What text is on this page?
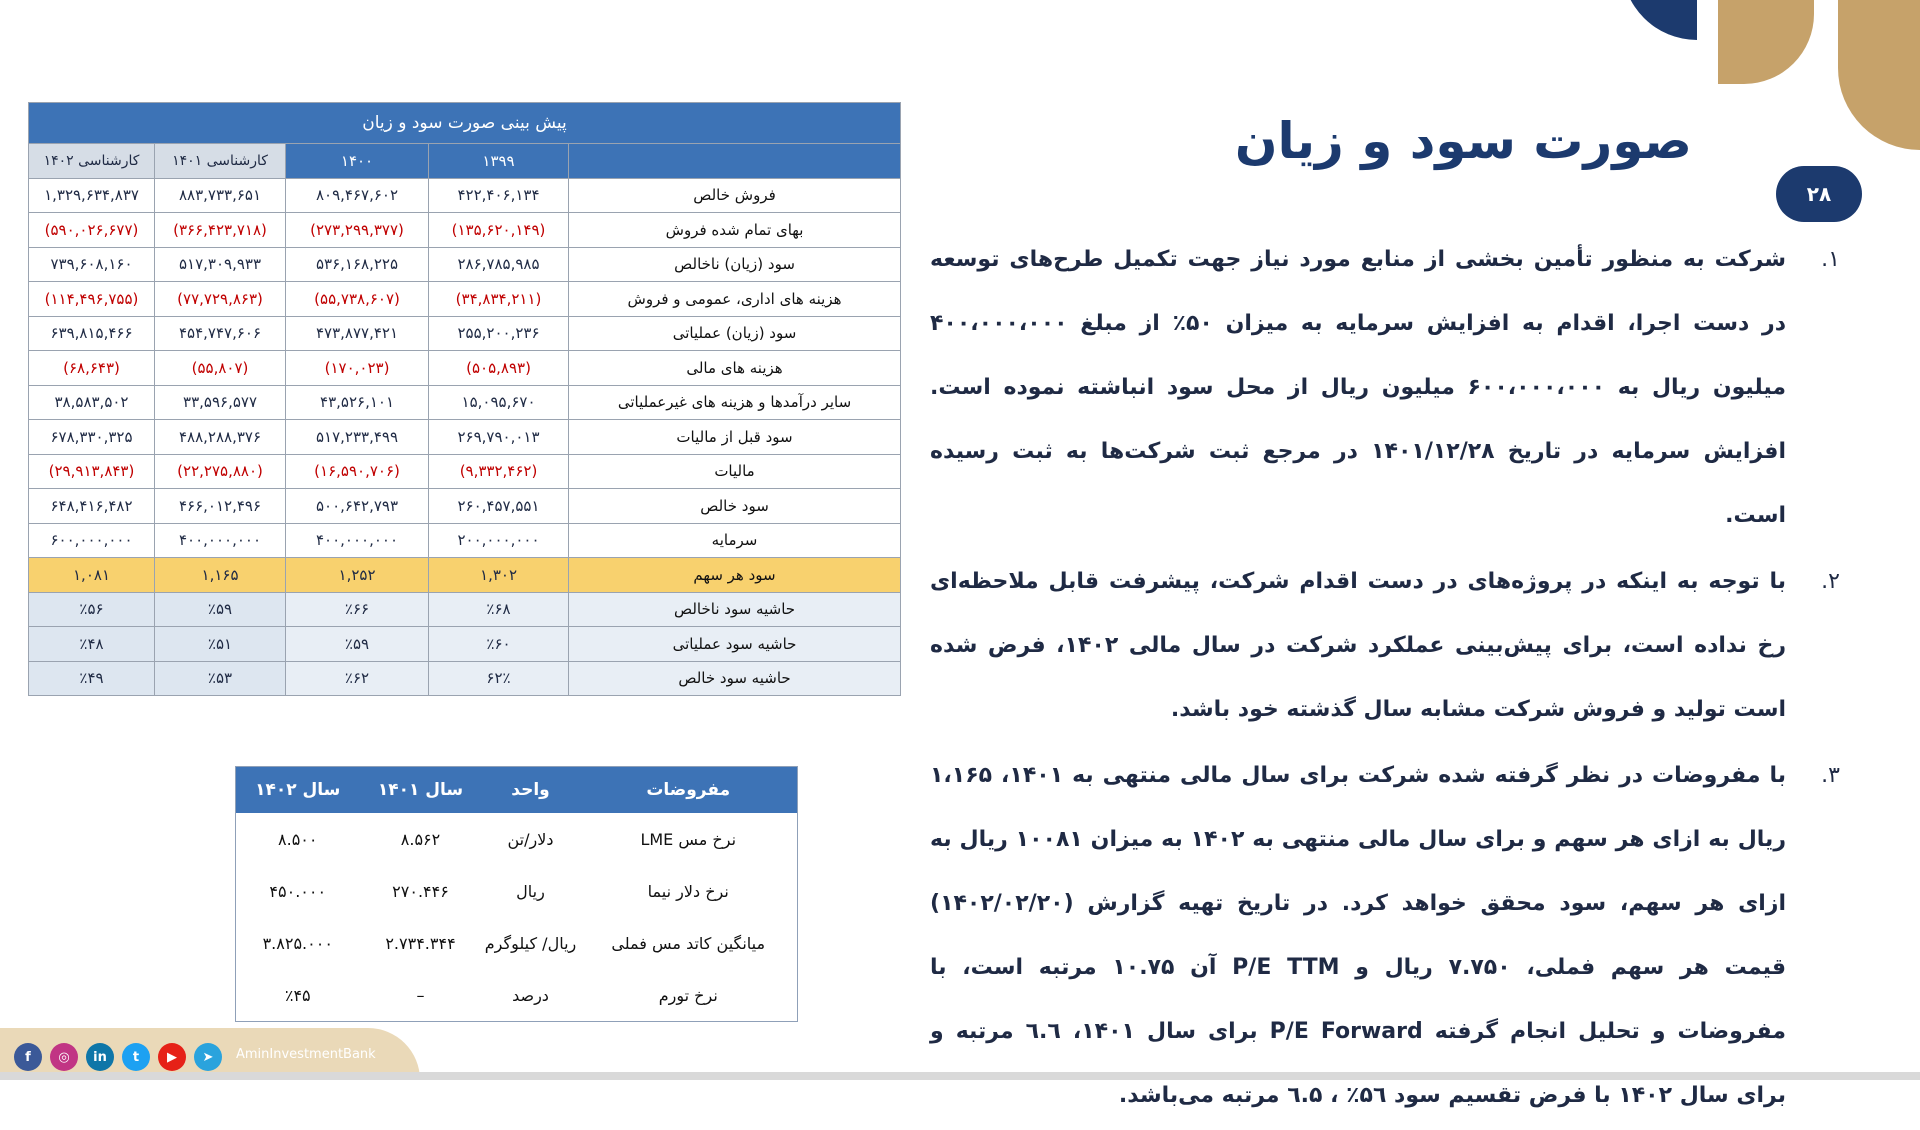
صورت سود و زیان
۲۸
پیش بینی صورت سود و زیان				
	۱۳۹۹	۱۴۰۰	کارشناسی ۱۴۰۱	کارشناسی ۱۴۰۲
فروش خالص	۴۲۲,۴۰۶,۱۳۴	۸۰۹,۴۶۷,۶۰۲	۸۸۳,۷۳۳,۶۵۱	۱,۳۲۹,۶۳۴,۸۳۷
بهای تمام شده فروش	(۱۳۵,۶۲۰,۱۴۹)	(۲۷۳,۲۹۹,۳۷۷)	(۳۶۶,۴۲۳,۷۱۸)	(۵۹۰,۰۲۶,۶۷۷)
سود (زیان) ناخالص	۲۸۶,۷۸۵,۹۸۵	۵۳۶,۱۶۸,۲۲۵	۵۱۷,۳۰۹,۹۳۳	۷۳۹,۶۰۸,۱۶۰
هزینه های اداری، عمومی و فروش	(۳۴,۸۳۴,۲۱۱)	(۵۵,۷۳۸,۶۰۷)	(۷۷,۷۲۹,۸۶۳)	(۱۱۴,۴۹۶,۷۵۵)
سود (زیان) عملیاتی	۲۵۵,۲۰۰,۲۳۶	۴۷۳,۸۷۷,۴۲۱	۴۵۴,۷۴۷,۶۰۶	۶۳۹,۸۱۵,۴۶۶
هزینه های مالی	(۵۰۵,۸۹۳)	(۱۷۰,۰۲۳)	(۵۵,۸۰۷)	(۶۸,۶۴۳)
سایر درآمدها و هزینه های غیرعملیاتی	۱۵,۰۹۵,۶۷۰	۴۳,۵۲۶,۱۰۱	۳۳,۵۹۶,۵۷۷	۳۸,۵۸۳,۵۰۲
سود قبل از مالیات	۲۶۹,۷۹۰,۰۱۳	۵۱۷,۲۳۳,۴۹۹	۴۸۸,۲۸۸,۳۷۶	۶۷۸,۳۳۰,۳۲۵
مالیات	(۹,۳۳۲,۴۶۲)	(۱۶,۵۹۰,۷۰۶)	(۲۲,۲۷۵,۸۸۰)	(۲۹,۹۱۳,۸۴۳)
سود خالص	۲۶۰,۴۵۷,۵۵۱	۵۰۰,۶۴۲,۷۹۳	۴۶۶,۰۱۲,۴۹۶	۶۴۸,۴۱۶,۴۸۲
سرمایه	۲۰۰,۰۰۰,۰۰۰	۴۰۰,۰۰۰,۰۰۰	۴۰۰,۰۰۰,۰۰۰	۶۰۰,۰۰۰,۰۰۰
سود هر سهم	۱,۳۰۲	۱,۲۵۲	۱,۱۶۵	۱,۰۸۱
حاشیه سود ناخالص	٪۶۸	٪۶۶	٪۵۹	٪۵۶
حاشیه سود عملیاتی	٪۶۰	٪۵۹	٪۵۱	٪۴۸
حاشیه سود خالص	۶۲٪	٪۶۲	٪۵۳	٪۴۹
مفروضات	واحد	سال ۱۴۰۱	سال ۱۴۰۲
نرخ مس LME	دلار/تن	۸.۵۶۲	۸.۵۰۰
نرخ دلار نیما	ریال	۲۷۰.۴۴۶	۴۵۰.۰۰۰
میانگین کاتد مس فملی	ریال/ کیلوگرم	۲.۷۳۴.۳۴۴	۳.۸۲۵.۰۰۰
نرخ تورم	درصد	–	٪۴۵
۱.
شرکت به منظور تأمین بخشی از منابع مورد نیاز جهت تکمیل طرح‌های توسعه در دست اجرا، اقدام به افزایش سرمایه به میزان ۵۰٪ از مبلغ ۴۰۰،۰۰۰،۰۰۰ میلیون ریال به ۶۰۰،۰۰۰،۰۰۰ میلیون ریال از محل سود انباشته نموده است. افزایش سرمایه در تاریخ ۱۴۰۱/۱۲/۲۸ در مرجع ثبت شرکت‌ها به ثبت رسیده است.
۲.
با توجه به اینکه در پروژه‌های در دست اقدام شرکت، پیشرفت قابل ملاحظه‌ای رخ نداده است، برای پیش‌بینی عملکرد شرکت در سال مالی ۱۴۰۲، فرض شده است تولید و فروش شرکت مشابه سال گذشته خود باشد.
۳.
با مفروضات در نظر گرفته شده شرکت برای سال مالی منتهی به ۱۴۰۱، ۱،۱۶۵ ریال به ازای هر سهم و برای سال مالی منتهی به ۱۴۰۲ به میزان ۱۰۰۸۱ ریال به ازای هر سهم، سود محقق خواهد کرد. در تاریخ تهیه گزارش (۱۴۰۲/۰۲/۲۰) قیمت هر سهم فملی، ۷.۷۵۰ ریال و P/E TTM آن ۱۰.۷۵ مرتبه است، با مفروضات و تحلیل انجام گرفته P/E Forward برای سال ۱۴۰۱، ٦.٦ مرتبه و برای سال ۱۴۰۲ با فرض تقسیم سود ۵٦٪ ، ٦.۵ مرتبه می‌باشد.
f	◎	in	t	▶	➤	AminInvestmentBank
